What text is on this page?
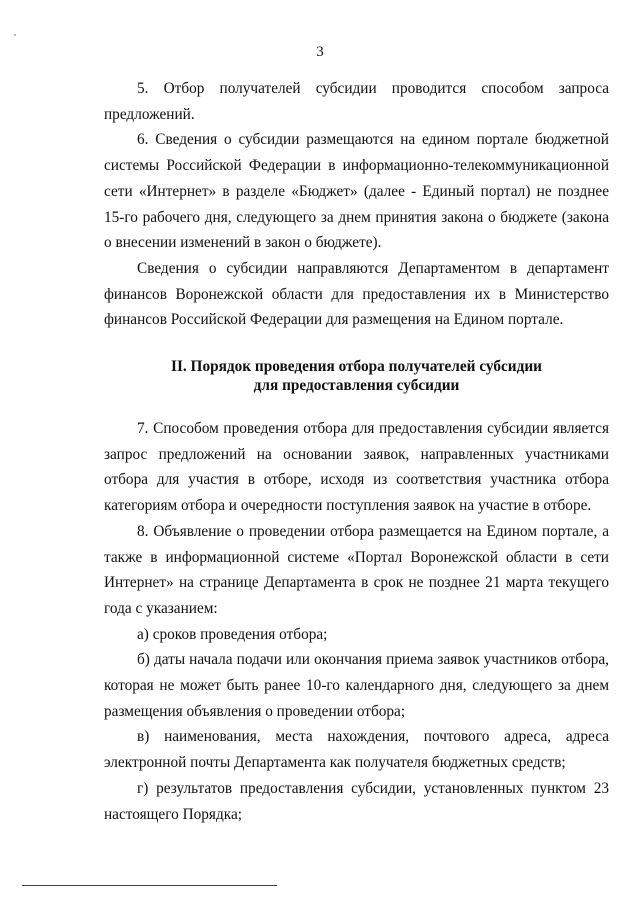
3

5. Отбор получателей субсидии проводится способом запроса предложений.

6. Сведения о субсидии размещаются на едином портале бюджетной системы Российской Федерации в информационно-телекоммуникационной сети «Интернет» в разделе «Бюджет» (далее - Единый портал) не позднее 15-го рабочего дня, следующего за днем принятия закона о бюджете (закона о внесении изменений в закон о бюджете).

Сведения о субсидии направляются Департаментом в департамент финансов Воронежской области для предоставления их в Министерство финансов Российской Федерации для размещения на Едином портале.

II. Порядок проведения отбора получателей субсидии
для предоставления субсидии

7. Способом проведения отбора для предоставления субсидии является запрос предложений на основании заявок, направленных участниками отбора для участия в отборе, исходя из соответствия участника отбора категориям отбора и очередности поступления заявок на участие в отборе.

8. Объявление о проведении отбора размещается на Едином портале, а также в информационной системе «Портал Воронежской области в сети Интернет» на странице Департамента в срок не позднее 21 марта текущего года с указанием:

а) сроков проведения отбора;

б) даты начала подачи или окончания приема заявок участников отбора, которая не может быть ранее 10-го календарного дня, следующего за днем размещения объявления о проведении отбора;

в) наименования, места нахождения, почтового адреса, адреса электронной почты Департамента как получателя бюджетных средств;

г) результатов предоставления субсидии, установленных пунктом 23 настоящего Порядка;
